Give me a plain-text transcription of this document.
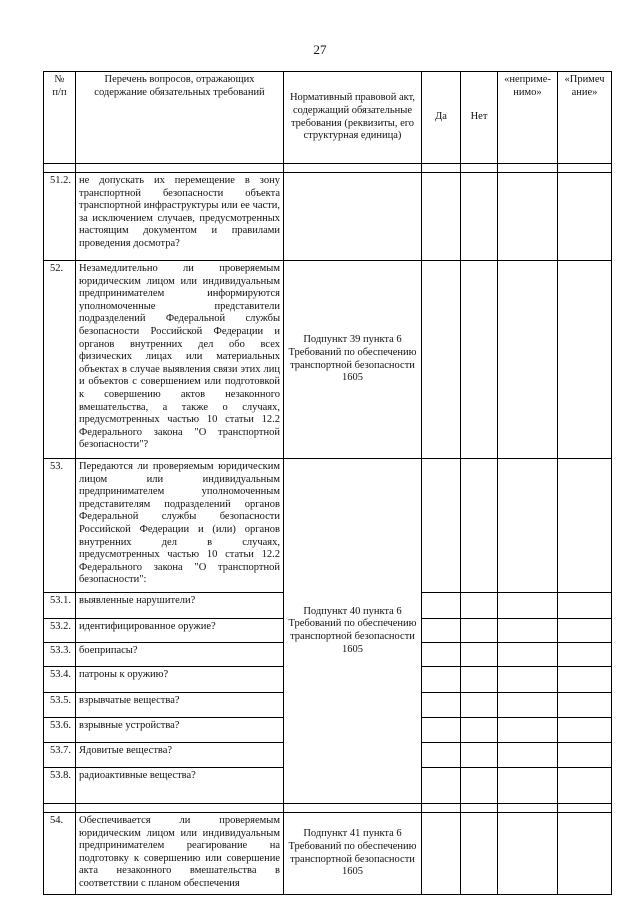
27
№
п/п	Перечень вопросов, отражающих содержание обязательных требований	Нормативный правовой акт, содержащий обязательные требования (реквизиты, его структурная единица)	Да	Нет	«непримe-нимо»	«Примеч ание»

51.2.	не допускать их перемещение в зону транспортной безопасности объекта транспортной инфраструктуры или ее части, за исключением случаев, предусмотренных настоящим документом и правилами проведения досмотра?					
52.	Незамедлительно ли проверяемым юридическим лицом или индивидуальным предпринимателем информируются уполномоченные представители подразделений Федеральной службы безопасности Российской Федерации и органов внутренних дел обо всех физических лицах или материальных объектах в случае выявления связи этих лиц и объектов с совершением или подготовкой к совершению актов незаконного вмешательства, а также о случаях, предусмотренных частью 10 статьи 12.2 Федерального закона "О транспортной безопасности"?	Подпункт 39 пункта 6 Требований по обеспечению транспортной безопасности 1605				
53.	Передаются ли проверяемым юридическим лицом или индивидуальным предпринимателем уполномоченным представителям подразделений органов Федеральной службы безопасности Российской Федерации и (или) органов внутренних дел в случаях, предусмотренных частью 10 статьи 12.2 Федерального закона "О транспортной безопасности":	Подпункт 40 пункта 6 Требований по обеспечению транспортной безопасности 1605				
53.1.	выявленные нарушители?					
53.2.	идентифицированное оружие?					
53.3.	боеприпасы?					
53.4.	патроны к оружию?					
53.5.	взрывчатые вещества?					
53.6.	взрывные устройства?					
53.7.	Ядовитые вещества?					
53.8.	радиоактивные вещества?					

54.	Обеспечивается ли проверяемым юридическим лицом или индивидуальным предпринимателем реагирование на подготовку к совершению или совершение акта незаконного вмешательства в соответствии с планом обеспечения	Подпункт 41 пункта 6 Требований по обеспечению транспортной безопасности 1605				
